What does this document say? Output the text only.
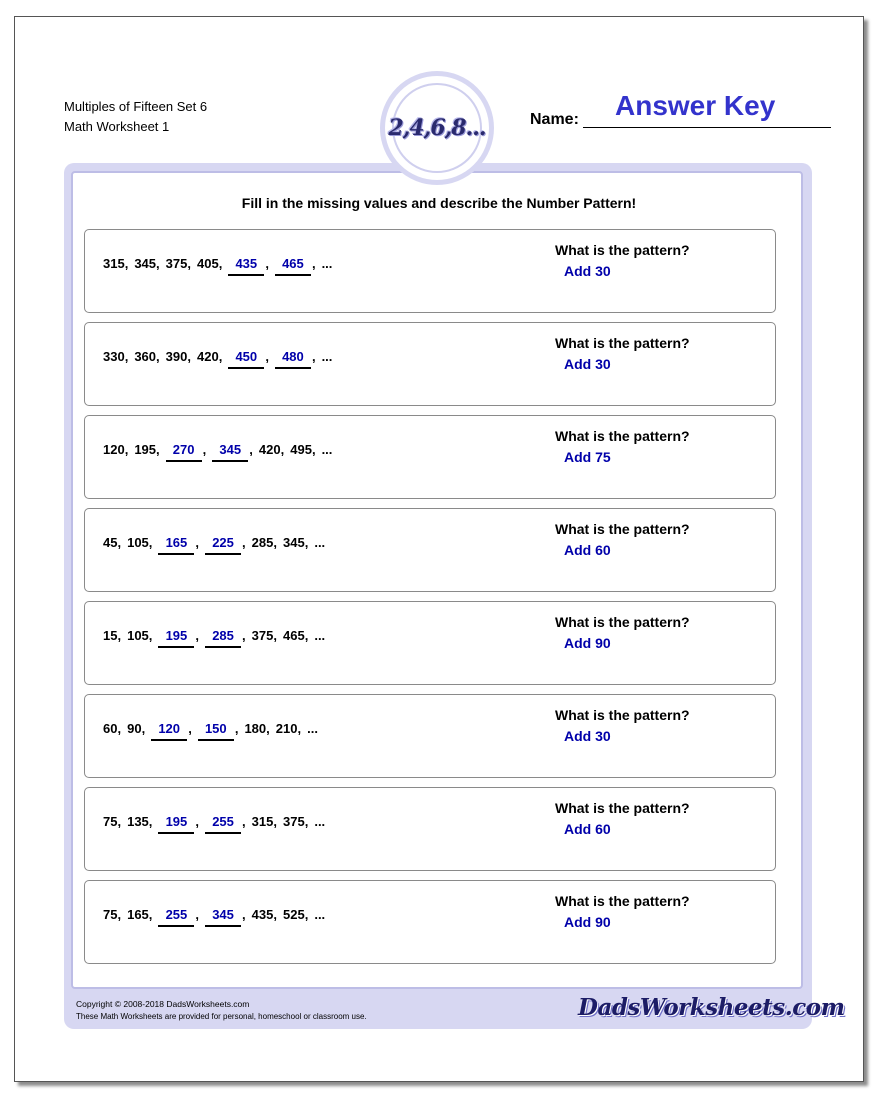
Multiples of Fifteen Set 6
Math Worksheet 1	2,4,6,8...	Name: Answer Key
Fill in the missing values and describe the Number Pattern!
315 , 345 , 375 , 405 ,	435 ,	465 , ...
What is the pattern?
Add 30
330 , 360 , 390 , 420 ,	450 ,	480 , ...
What is the pattern?
Add 30
120 , 195 ,	270 ,	345 , 420 , 495 , ...
What is the pattern?
Add 75
45 , 105 ,	165 ,	225 , 285 , 345 , ...
What is the pattern?
Add 60
15 , 105 ,	195 ,	285 , 375 , 465 , ...
What is the pattern?
Add 90
60 , 90 ,	120 ,	150 , 180 , 210 , ...
What is the pattern?
Add 30
75 , 135 ,	195 ,	255 , 315 , 375 , ...
What is the pattern?
Add 60
75 , 165 ,	255 ,	345 , 435 , 525 , ...
What is the pattern?
Add 90
Copyright © 2008-2018 DadsWorksheets.com
These Math Worksheets are provided for personal, homeschool or classroom use.	DadsWorksheets.com
